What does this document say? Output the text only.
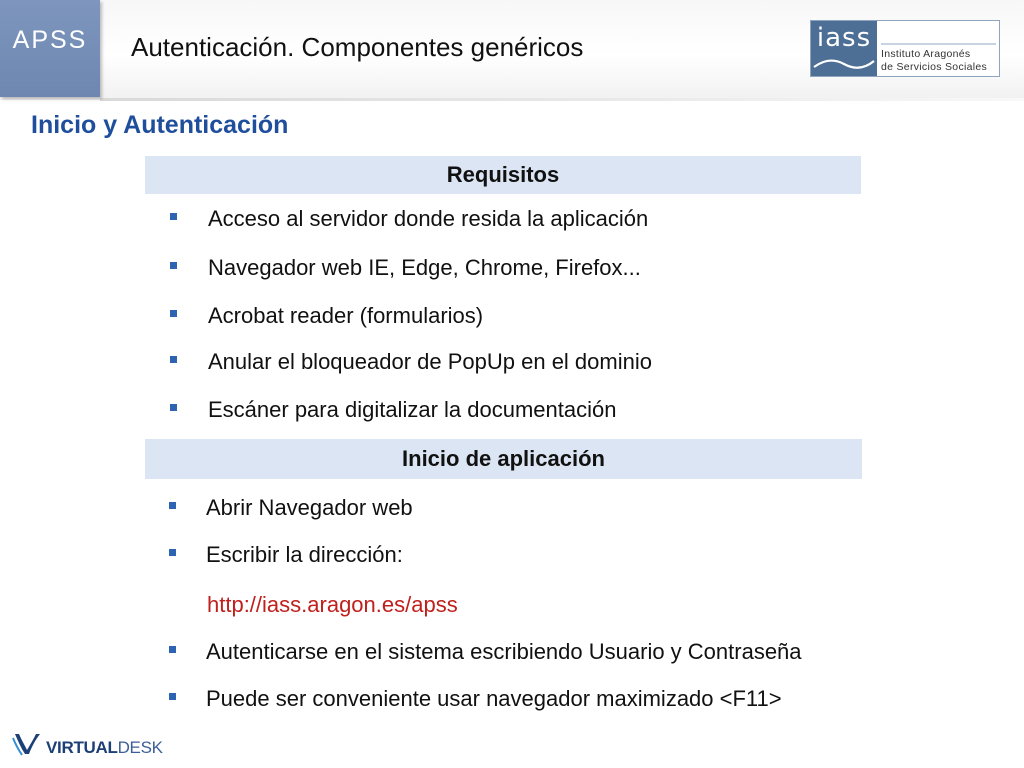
APSS	Autenticación. Componentes genéricos	iass
Instituto Aragonés
de Servicios Sociales
Inicio y Autenticación
Requisitos
Acceso al servidor donde resida la aplicación
Navegador web IE, Edge, Chrome, Firefox...
Acrobat reader (formularios)
Anular el bloqueador de PopUp en el dominio
Escáner para digitalizar la documentación
Inicio de aplicación
Abrir Navegador web
Escribir la dirección:
http://iass.aragon.es/apss
Autenticarse en el sistema escribiendo Usuario y Contraseña
Puede ser conveniente usar navegador maximizado <F11>
VIRTUALDESK
